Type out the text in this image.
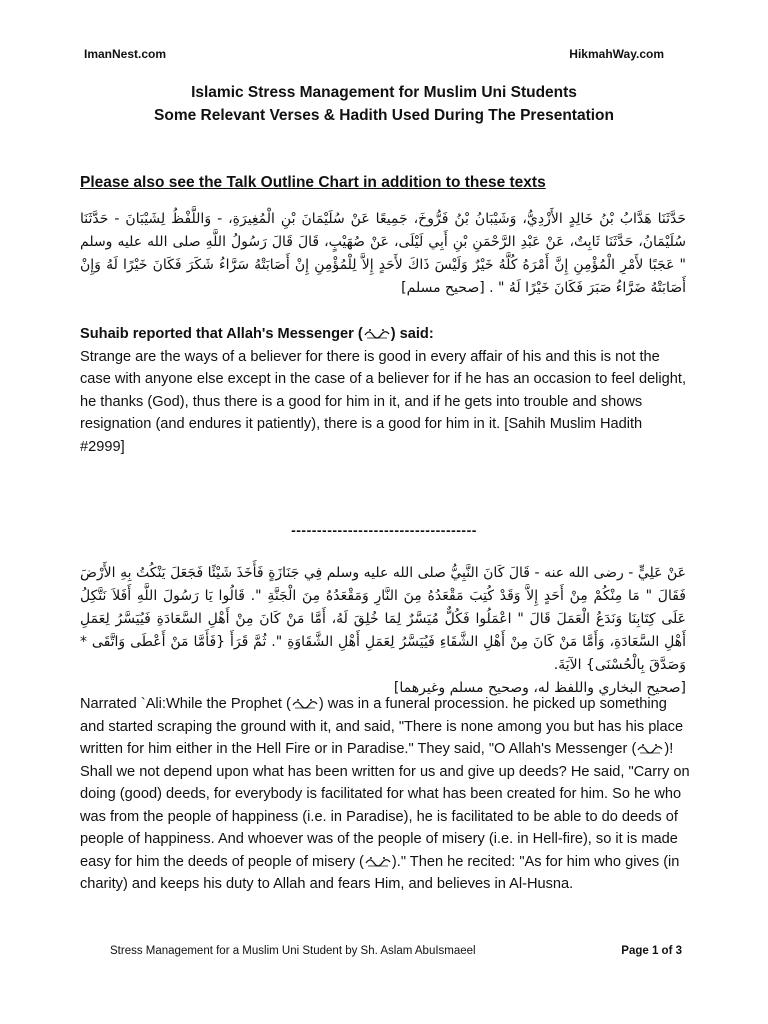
ImanNest.com	HikmahWay.com
Islamic Stress Management for Muslim Uni Students
Some Relevant Verses & Hadith Used During The Presentation
Please also see the Talk Outline Chart in addition to these texts
حَدَّثَنَا هَدَّابُ بْنُ خَالِدٍ الأَزْدِيُّ، وَشَيْبَانُ بْنُ فَرُّوخَ، جَمِيعًا عَنْ سُلَيْمَانَ بْنِ الْمُغِيرَةِ، - وَاللَّفْظُ لِشَيْبَانَ - حَدَّثَنَا سُلَيْمَانُ، حَدَّثَنَا ثَابِتٌ، عَنْ عَبْدِ الرَّحْمَنِ بْنِ أَبِي لَيْلَى، عَنْ صُهَيْبٍ، قَالَ قَالَ رَسُولُ اللَّهِ صلى الله عليه وسلم " عَجَبًا لأَمْرِ الْمُؤْمِنِ إِنَّ أَمْرَهُ كُلَّهُ خَيْرٌ وَلَيْسَ ذَاكَ لأَحَدٍ إِلاَّ لِلْمُؤْمِنِ إِنْ أَصَابَتْهُ سَرَّاءُ شَكَرَ فَكَانَ خَيْرًا لَهُ وَإِنْ أَصَابَتْهُ ضَرَّاءُ صَبَرَ فَكَانَ خَيْرًا لَهُ " . [صحيح مسلم]
Suhaib reported that Allah's Messenger ( ) said:
Strange are the ways of a believer for there is good in every affair of his and this is not the case with anyone else except in the case of a believer for if he has an occasion to feel delight, he thanks (God), thus there is a good for him in it, and if he gets into trouble and shows resignation (and endures it patiently), there is a good for him in it. [Sahih Muslim Hadith #2999]
------------------------------------
عَنْ عَلِيٍّ - رضى الله عنه - قَالَ كَانَ النَّبِيُّ صلى الله عليه وسلم فِي جَنَازَةٍ فَأَخَذَ شَيْئًا فَجَعَلَ يَنْكُتُ بِهِ الأَرْضَ فَقَالَ " مَا مِنْكُمْ مِنْ أَحَدٍ إِلاَّ وَقَدْ كُتِبَ مَقْعَدُهُ مِنَ النَّارِ وَمَقْعَدُهُ مِنَ الْجَنَّةِ ". قَالُوا يَا رَسُولَ اللَّهِ أَفَلاَ نَتَّكِلُ عَلَى كِتَابِنَا وَنَدَعُ الْعَمَلَ قَالَ " اعْمَلُوا فَكُلٌّ مُيَسَّرٌ لِمَا خُلِقَ لَهُ، أَمَّا مَنْ كَانَ مِنْ أَهْلِ السَّعَادَةِ فَيُيَسَّرُ لِعَمَلِ أَهْلِ السَّعَادَةِ، وَأَمَّا مَنْ كَانَ مِنْ أَهْلِ الشَّقَاءِ فَيُيَسَّرُ لِعَمَلِ أَهْلِ الشَّقَاوَةِ ". ثُمَّ قَرَأَ {فَأَمَّا مَنْ أَعْطَى وَاتَّقَى * وَصَدَّقَ بِالْحُسْنَى} الآيَةَ.
[صحيح البخاري واللفظ له، وصحيح مسلم وغيرهما]
Narrated `Ali:While the Prophet ( ) was in a funeral procession. he picked up something and started scraping the ground with it, and said, "There is none among you but has his place written for him either in the Hell Fire or in Paradise." They said, "O Allah's Messenger ( )! Shall we not depend upon what has been written for us and give up deeds? He said, "Carry on doing (good) deeds, for everybody is facilitated for what has been created for him. So he who was from the people of happiness (i.e. in Paradise), he is facilitated to be able to do deeds of people of happiness. And whoever was of the people of misery (i.e. in Hell-fire), so it is made easy for him the deeds of people of misery ( )." Then he recited: "As for him who gives (in charity) and keeps his duty to Allah and fears Him, and believes in Al-Husna.
Stress Management for a Muslim Uni Student by Sh. Aslam AbuIsmaeel	Page 1 of 3
